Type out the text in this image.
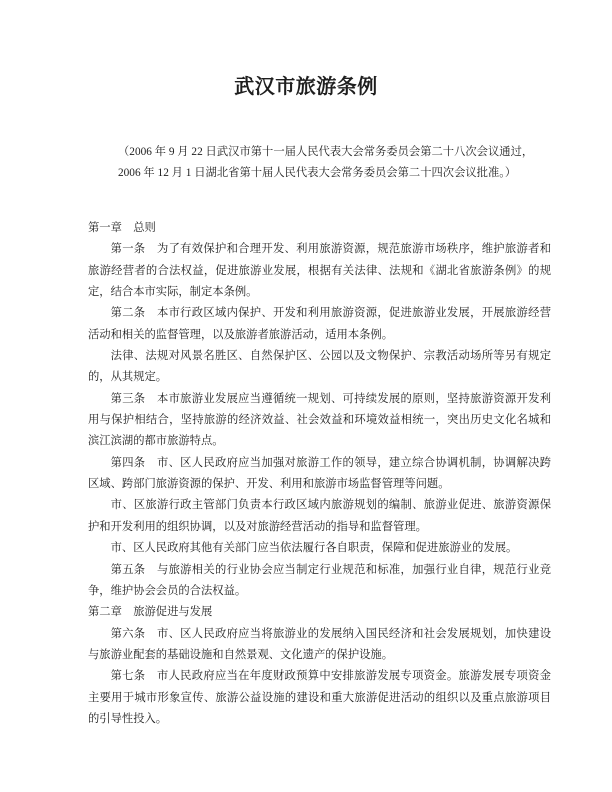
武汉市旅游条例
（2006 年 9 月 22 日武汉市第十一届人民代表大会常务委员会第二十八次会议通过，
2006 年 12 月 1 日湖北省第十届人民代表大会常务委员会第二十四次会议批准。）

第一章　总则

第一条　为了有效保护和合理开发、利用旅游资源，规范旅游市场秩序，维护旅游者和旅游经营者的合法权益，促进旅游业发展，根据有关法律、法规和《湖北省旅游条例》的规定，结合本市实际，制定本条例。

第二条　本市行政区域内保护、开发和利用旅游资源，促进旅游业发展，开展旅游经营活动和相关的监督管理，以及旅游者旅游活动，适用本条例。

法律、法规对风景名胜区、自然保护区、公园以及文物保护、宗教活动场所等另有规定的，从其规定。

第三条　本市旅游业发展应当遵循统一规划、可持续发展的原则，坚持旅游资源开发利用与保护相结合，坚持旅游的经济效益、社会效益和环境效益相统一，突出历史文化名城和滨江滨湖的都市旅游特点。

第四条　市、区人民政府应当加强对旅游工作的领导，建立综合协调机制，协调解决跨区域、跨部门旅游资源的保护、开发、利用和旅游市场监督管理等问题。

市、区旅游行政主管部门负责本行政区域内旅游规划的编制、旅游业促进、旅游资源保护和开发利用的组织协调，以及对旅游经营活动的指导和监督管理。

市、区人民政府其他有关部门应当依法履行各自职责，保障和促进旅游业的发展。

第五条　与旅游相关的行业协会应当制定行业规范和标准，加强行业自律，规范行业竞争，维护协会会员的合法权益。

第二章　旅游促进与发展

第六条　市、区人民政府应当将旅游业的发展纳入国民经济和社会发展规划，加快建设与旅游业配套的基础设施和自然景观、文化遗产的保护设施。

第七条　市人民政府应当在年度财政预算中安排旅游发展专项资金。旅游发展专项资金主要用于城市形象宣传、旅游公益设施的建设和重大旅游促进活动的组织以及重点旅游项目的引导性投入。
